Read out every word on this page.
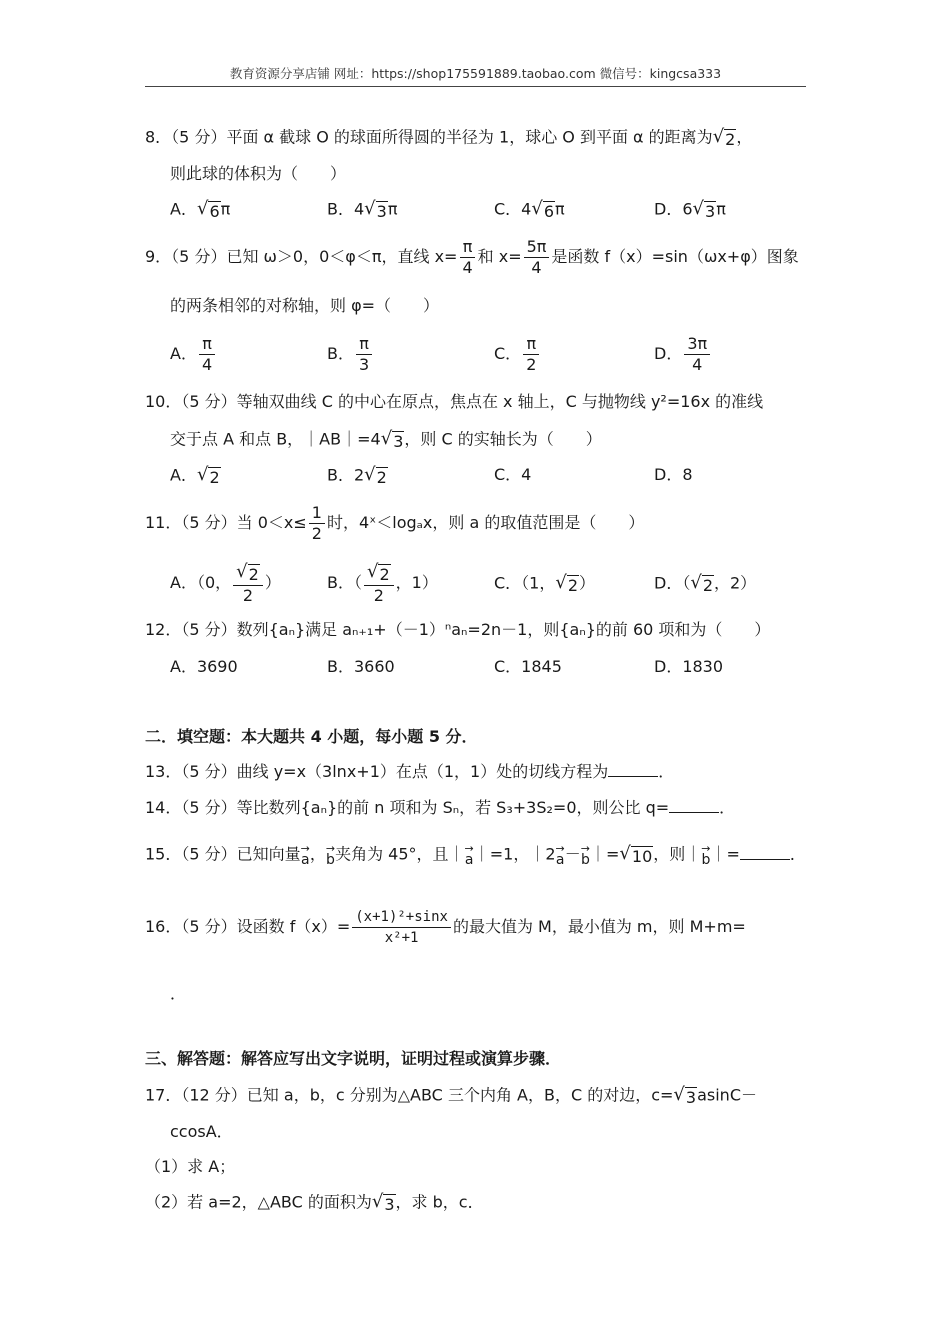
教育资源分享店铺 网址：https://shop175591889.taobao.com 微信号：kingcsa333
8．（5 分）平面 α 截球 O 的球面所得圆的半径为 1，球心 O 到平面 α 的距离为 √ 2 ，
则此球的体积为（　　）
A． √ 6 π	B．4 √ 3 π	C．4 √ 6 π	D．6 √ 3 π
9．（5 分）已知 ω＞0，0＜φ＜π，直线 $x= \frac{\pi}{4}$ 和 $x= \frac{5\pi}{4}$ 是函数 f（x）=sin（ωx+φ）图象
的两条相邻的对称轴，则 φ=（　　）
A． $\frac{\pi}{4}$	B． $\frac{\pi}{3}$	C． $\frac{\pi}{2}$	D． $\frac{3\pi}{4}$
10．（5 分）等轴双曲线 C 的中心在原点，焦点在 x 轴上，C 与抛物线 y²=16x 的准线
交于点 A 和点 B，｜AB｜=4 √ 3 ，则 C 的实轴长为（　　）
A． √ 2	B．2 √ 2	C．4	D．8
11．（5 分）当 $0<x\le \frac{1}{2}$ 时，4ˣ＜logₐx，则 a 的取值范围是（　　）
A．（0， $\frac{√ 2}{2}$ ）	B．（ $\frac{√ 2}{2}$ ，1）	C．（1， √ 2 ）	D．（ √ 2 ，2）
12．（5 分）数列{aₙ}满足 aₙ₊₁+（－1）ⁿaₙ=2n－1，则{aₙ}的前 60 项和为（　　）
A．3690	B．3660	C．1845	D．1830
二．填空题：本大题共 4 小题，每小题 5 分．
13．（5 分）曲线 y=x（3lnx+1）在点（1，1）处的切线方程为	．
14．（5 分）等比数列{aₙ}的前 n 项和为 Sₙ，若 S₃+3S₂=0，则公比 q=	．
15．（5 分）已知向量 →
a ， →
b 夹角为 45°，且｜ →
a ｜=1，｜2 →
a － →
b ｜= √ 10 ，则｜ →
b ｜=	．
16．（5 分）设函数 $f(x)= \frac{\text{(x+1)²+sinx}}{\text{x²+1}}$ 的最大值为 M，最小值为 m，则 M+m=
．
三、解答题：解答应写出文字说明，证明过程或演算步骤．
17．（12 分）已知 a，b，c 分别为△ABC 三个内角 A，B，C 的对边，c= √ 3 asinC－
ccosA．
（1）求 A；
（2）若 a=2，△ABC 的面积为 √ 3 ，求 b，c．
